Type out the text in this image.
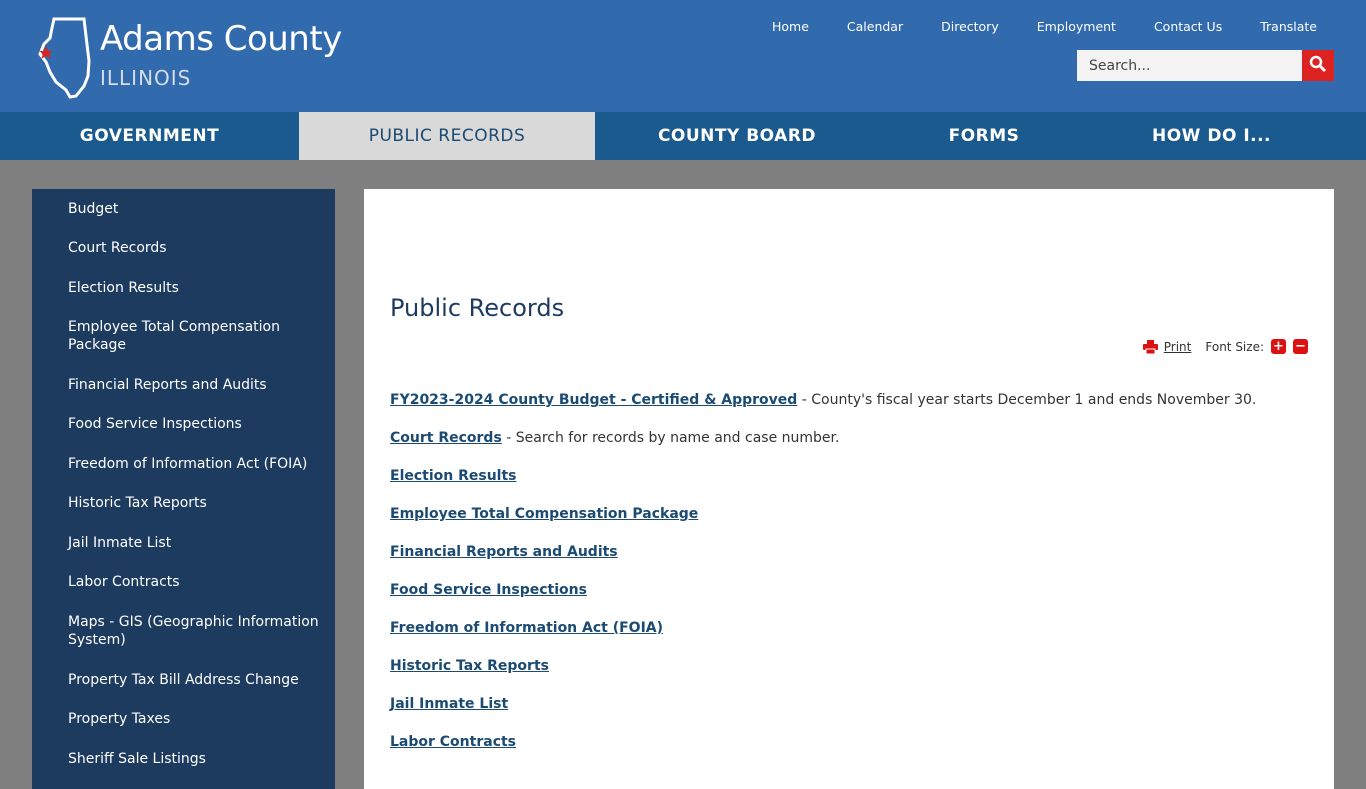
Adams County
ILLINOIS
Home	Calendar	Directory	Employment	Contact Us	Translate
Search...
GOVERNMENT	PUBLIC RECORDS	COUNTY BOARD	FORMS	HOW DO I...
Budget
Court Records
Election Results
Employee Total Compensation Package
Financial Reports and Audits
Food Service Inspections
Freedom of Information Act (FOIA)
Historic Tax Reports
Jail Inmate List
Labor Contracts
Maps - GIS (Geographic Information System)
Property Tax Bill Address Change
Property Taxes
Sheriff Sale Listings
Public Records
Print Font Size: + −

FY2023-2024 County Budget - Certified & Approved - County's fiscal year starts December 1 and ends November 30.

Court Records - Search for records by name and case number.

Election Results

Employee Total Compensation Package

Financial Reports and Audits

Food Service Inspections

Freedom of Information Act (FOIA)

Historic Tax Reports

Jail Inmate List

Labor Contracts
